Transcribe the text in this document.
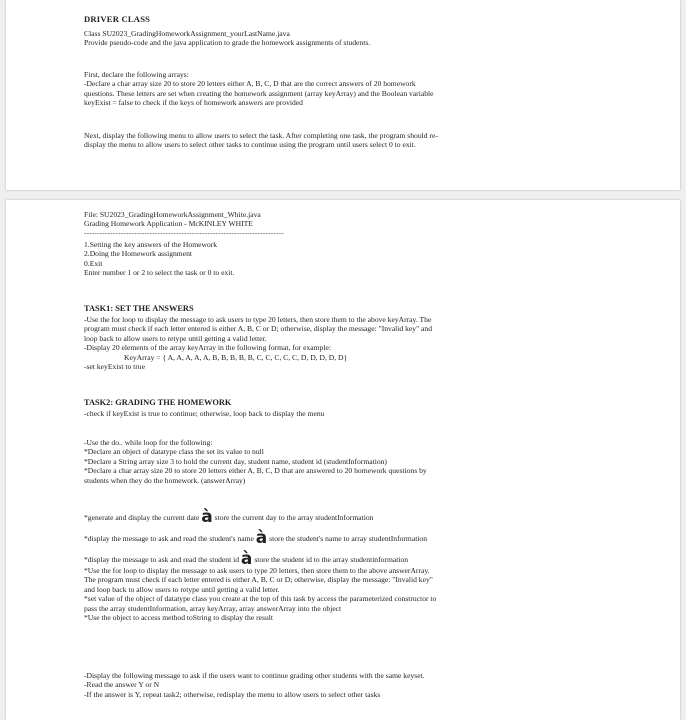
DRIVER CLASS

Class SU2023_GradingHomeworkAssignment_yourLastName.java
Provide pseudo-code and the java application to grade the homework assignments of students.

First, declare the following arrays:
-Declare a char array size 20 to store 20 letters either A, B, C, D that are the correct answers of 20 homework
questions. These letters are set when creating the homework assignment (array keyArray) and the Boolean variable
keyExist = false to check if the keys of homework answers are provided

Next, display the following menu to allow users to select the task. After completing one task, the program should re-
display the menu to allow users to select other tasks to continue using the program until users select 0 to exit.

File: SU2023_GradingHomeworkAssignment_White.java
Grading Homework Application - McKINLEY WHITE

----------------------------------------------------------------------------

1.Setting the key answers of the Homework
2.Doing the Homework assignment
0.Exit
Enter number 1 or 2 to select the task or 0 to exit.

TASK1: SET THE ANSWERS

-Use the for loop to display the message to ask users to type 20 letters, then store them to the above keyArray. The
program must check if each letter entered is either A, B, C or D; otherwise, display the message: "Invalid key" and
loop back to allow users to retype until getting a valid letter.
-Display 20 elements of the array keyArray in the following format, for example:
KeyArray = { A, A, A, A, A, B, B, B, B, B, C, C, C, C, C, D, D, D, D, D}
-set keyExist to true

TASK2: GRADING THE HOMEWORK

-check if keyExist is true to continue; otherwise, loop back to display the menu

-Use the do.. while loop for the following:
*Declare an object of datatype class the set its value to null
*Declare a String array size 3 to hold the current day, student name, student id (studentInformation)
*Declare a char array size 20 to store 20 letters either A, B, C, D that are answered to 20 homework questions by
students when they do the homework. (answerArray)

*generate and display the current date à store the current day to the array studentInformation

*display the message to ask and read the student's name à store the student's name to array studentInformation

*display the message to ask and read the student id à store the student id to the array studentinformation

*Use the for loop to display the message to ask users to type 20 letters, then store them to the above answerArray.
The program must check if each letter entered is either A, B, C or D; otherwise, display the message: "Invalid key"
and loop back to allow users to retype until getting a valid letter.
*set value of the object of datatype class you create at the top of this task by access the parameterized constructor to
pass the array studentInformation, array keyArray, array answerArray into the object
*Use the object to access method toString to display the result

-Display the following message to ask if the users want to continue grading other students with the same keyset.
-Read the answer Y or N
-If the answer is Y, repeat task2; otherwise, redisplay the menu to allow users to select other tasks
